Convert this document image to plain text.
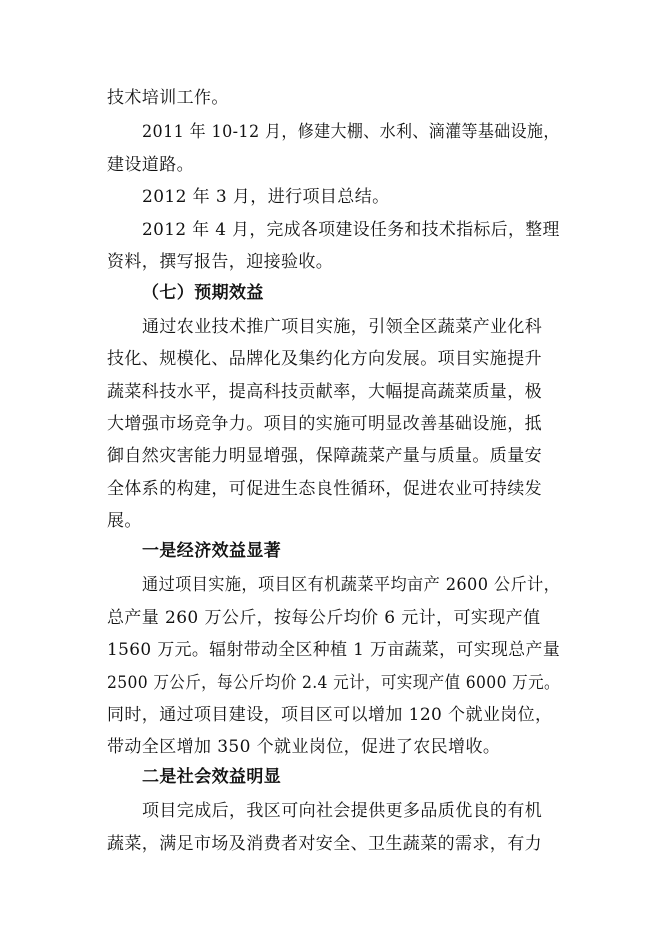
技术培训工作。
2011 年 10-12 月，修建大棚、水利、滴灌等基础设施，
建设道路。
2012 年 3 月，进行项目总结。
2012 年 4 月，完成各项建设任务和技术指标后，整理
资料，撰写报告，迎接验收。
（七）预期效益
通过农业技术推广项目实施，引领全区蔬菜产业化科
技化、规模化、品牌化及集约化方向发展。项目实施提升
蔬菜科技水平，提高科技贡献率，大幅提高蔬菜质量，极
大增强市场竞争力。项目的实施可明显改善基础设施，抵
御自然灾害能力明显增强，保障蔬菜产量与质量。质量安
全体系的构建，可促进生态良性循环，促进农业可持续发
展。
一是经济效益显著
通过项目实施，项目区有机蔬菜平均亩产 2600 公斤计，
总产量 260 万公斤，按每公斤均价 6 元计，可实现产值
1560 万元。辐射带动全区种植 1 万亩蔬菜，可实现总产量
2500 万公斤，每公斤均价 2.4 元计，可实现产值 6000 万元。
同时，通过项目建设，项目区可以增加 120 个就业岗位，
带动全区增加 350 个就业岗位，促进了农民增收。
二是社会效益明显
项目完成后，我区可向社会提供更多品质优良的有机
蔬菜，满足市场及消费者对安全、卫生蔬菜的需求，有力
